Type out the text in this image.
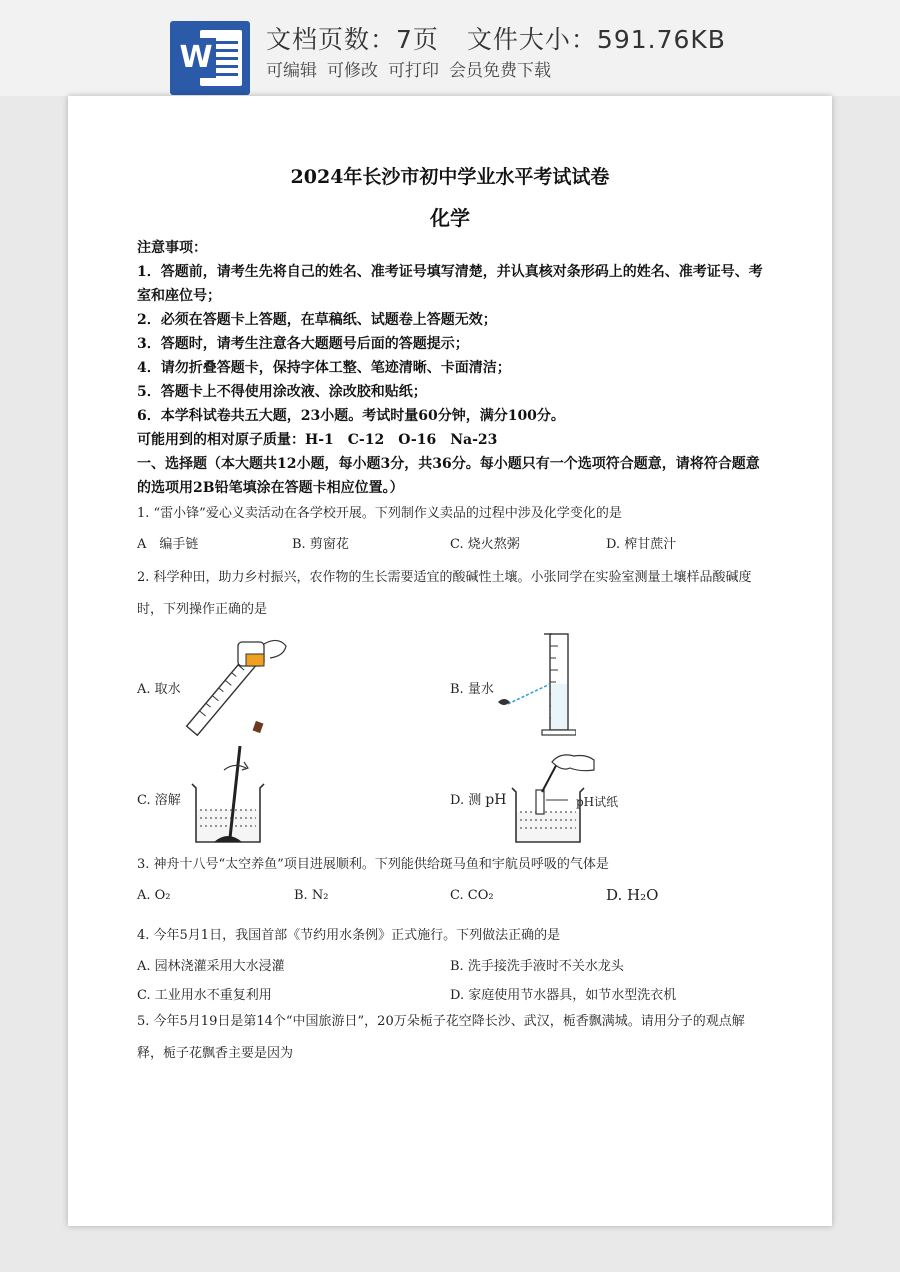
W
文档页数：7页 文件大小：591.76KB
可编辑 可修改 可打印 会员免费下载
2024年长沙市初中学业水平考试试卷
化学
注意事项：
1．答题前，请考生先将自己的姓名、准考证号填写清楚，并认真核对条形码上的姓名、准考证号、考室和座位号；
2．必须在答题卡上答题，在草稿纸、试题卷上答题无效；
3．答题时，请考生注意各大题题号后面的答题提示；
4．请勿折叠答题卡，保持字体工整、笔迹清晰、卡面清洁；
5．答题卡上不得使用涂改液、涂改胶和贴纸；
6．本学科试卷共五大题，23小题。考试时量60分钟，满分100分。
可能用到的相对原子质量：H-1　C-12　O-16　Na-23
一、选择题（本大题共12小题，每小题3分，共36分。每小题只有一个选项符合题意，请将符合题意的选项用2B铅笔填涂在答题卡相应位置。）
1. “雷小锋”爱心义卖活动在各学校开展。下列制作义卖品的过程中涉及化学变化的是
A　编手链	B. 剪窗花	C. 烧火熬粥	D. 榨甘蔗汁
2. 科学种田，助力乡村振兴，农作物的生长需要适宜的酸碱性土壤。小张同学在实验室测量土壤样品酸碱度时，下列操作正确的是
A. 取水	B. 量水
C. 溶解	D. 测 pH	pH试纸
3. 神舟十八号“太空养鱼”项目进展顺利。下列能供给斑马鱼和宇航员呼吸的气体是
A. O₂	B. N₂	C. CO₂	D. H₂O
4. 今年5月1日，我国首部《节约用水条例》正式施行。下列做法正确的是
A. 园林浇灌采用大水浸灌	B. 洗手接洗手液时不关水龙头
C. 工业用水不重复利用	D. 家庭使用节水器具，如节水型洗衣机
5. 今年5月19日是第14个“中国旅游日”，20万朵栀子花空降长沙、武汉，栀香飘满城。请用分子的观点解释，栀子花飘香主要是因为
